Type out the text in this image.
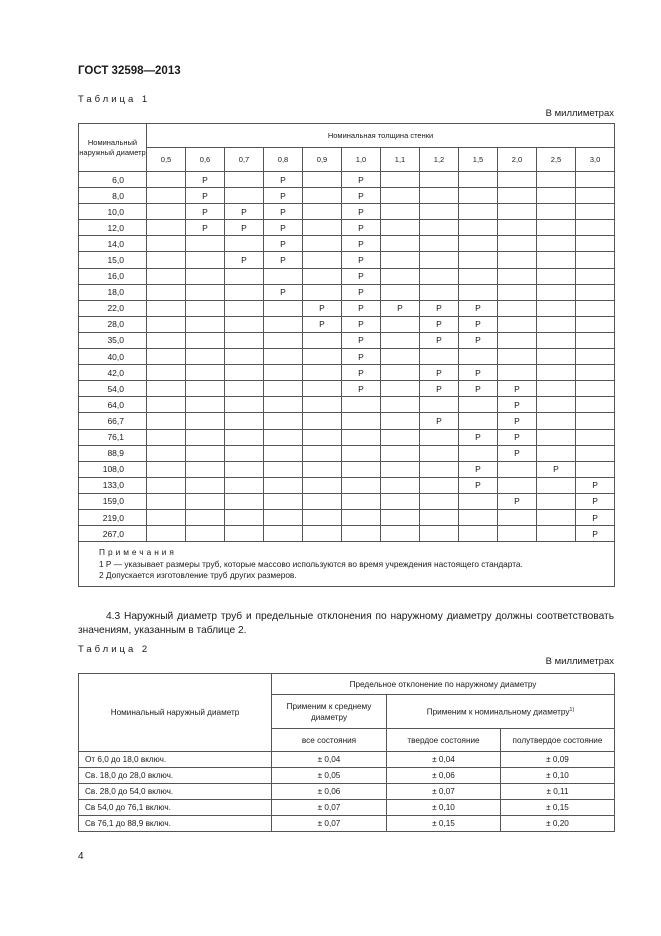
ГОСТ 32598—2013
Таблица 1
В миллиметрах
Номинальный наружный диаметр	Номинальная толщина стенки											
	0,5	0,6	0,7	0,8	0,9	1,0	1,1	1,2	1,5	2,0	2,5	3,0
6,0		Р		Р		Р						
8,0		Р		Р		Р						
10,0		Р	Р	Р		Р						
12,0		Р	Р	Р		Р						
14,0				Р		Р						
15,0			Р	Р		Р						
16,0						Р						
18,0				Р		Р						
22,0					Р	Р	Р	Р	Р			
28,0					Р	Р		Р	Р			
35,0						Р		Р	Р			
40,0						Р						
42,0						Р		Р	Р			
54,0						Р		Р	Р	Р		
64,0										Р		
66,7								Р		Р		
76,1									Р	Р		
88,9										Р		
108,0									Р		Р	
133,0									Р			Р
159,0										Р		Р
219,0												Р
267,0												Р

Примечания
1 Р — указывает размеры труб, которые массово используются во время учреждения настоящего стандарта.
2 Допускается изготовление труб других размеров.												
4.3 Наружный диаметр труб и предельные отклонения по наружному диаметру должны соответствовать значениям, указанным в таблице 2.
Таблица 2
В миллиметрах
Номинальный наружный диаметр	Предельное отклонение по наружному диаметру		
	Применим к среднему диаметру	Применим к номинальному диаметру$^{1)}$
	все состояния	твердое состояние	полутвердое состояние
От 6,0 до 18,0 включ.	± 0,04	± 0,04	± 0,09
Св. 18,0 до 28,0 включ.	± 0,05	± 0,06	± 0,10
Св. 28,0 до 54,0 включ.	± 0,06	± 0,07	± 0,11
Св 54,0 до 76,1 включ.	± 0,07	± 0,10	± 0,15
Св 76,1 до 88,9 включ.	± 0,07	± 0,15	± 0,20
4
